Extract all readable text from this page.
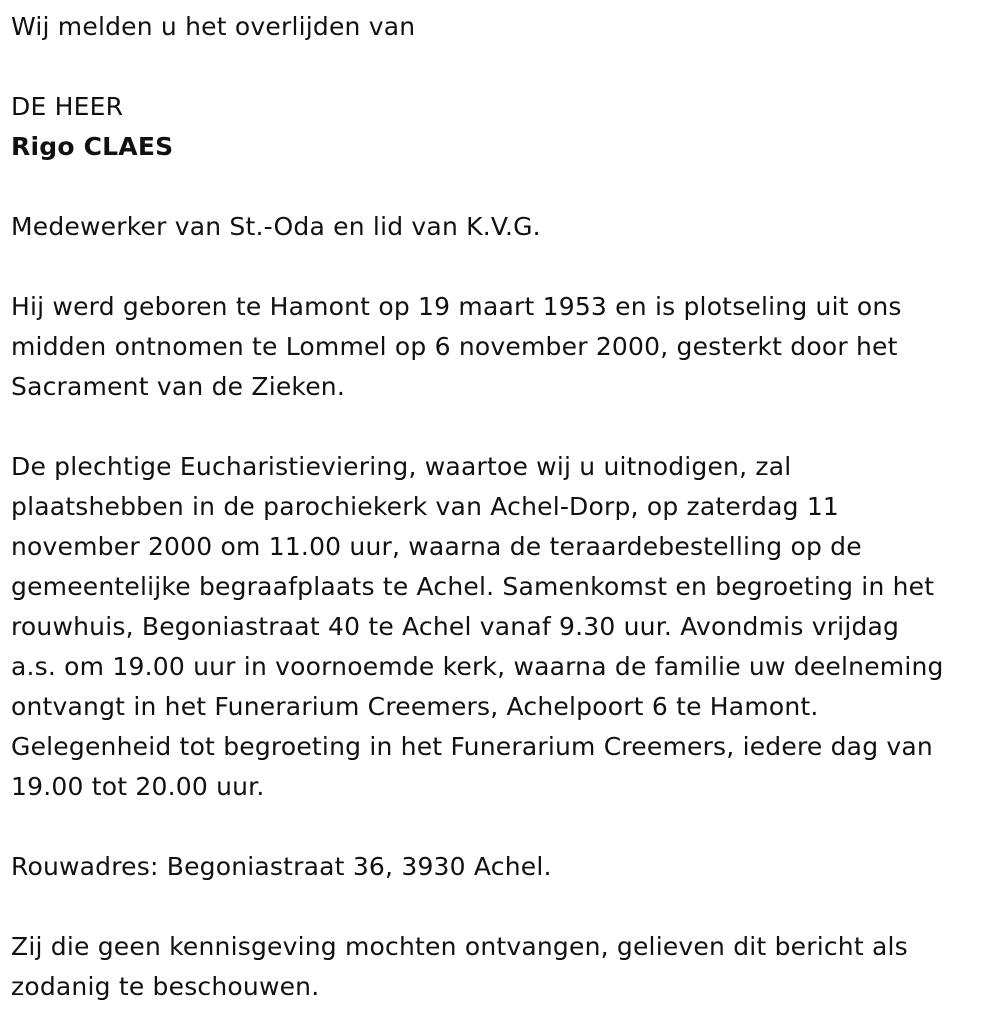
Wij melden u het overlijden van

DE HEER

Rigo CLAES

Medewerker van St.-Oda en lid van K.V.G.

Hij werd geboren te Hamont op 19 maart 1953 en is plotseling uit ons

midden ontnomen te Lommel op 6 november 2000, gesterkt door het

Sacrament van de Zieken.

De plechtige Eucharistieviering, waartoe wij u uitnodigen, zal

plaatshebben in de parochiekerk van Achel-Dorp, op zaterdag 11

november 2000 om 11.00 uur, waarna de teraardebestelling op de

gemeentelijke begraafplaats te Achel. Samenkomst en begroeting in het

rouwhuis, Begoniastraat 40 te Achel vanaf 9.30 uur. Avondmis vrijdag

a.s. om 19.00 uur in voornoemde kerk, waarna de familie uw deelneming

ontvangt in het Funerarium Creemers, Achelpoort 6 te Hamont.

Gelegenheid tot begroeting in het Funerarium Creemers, iedere dag van

19.00 tot 20.00 uur.

Rouwadres: Begoniastraat 36, 3930 Achel.

Zij die geen kennisgeving mochten ontvangen, gelieven dit bericht als

zodanig te beschouwen.
